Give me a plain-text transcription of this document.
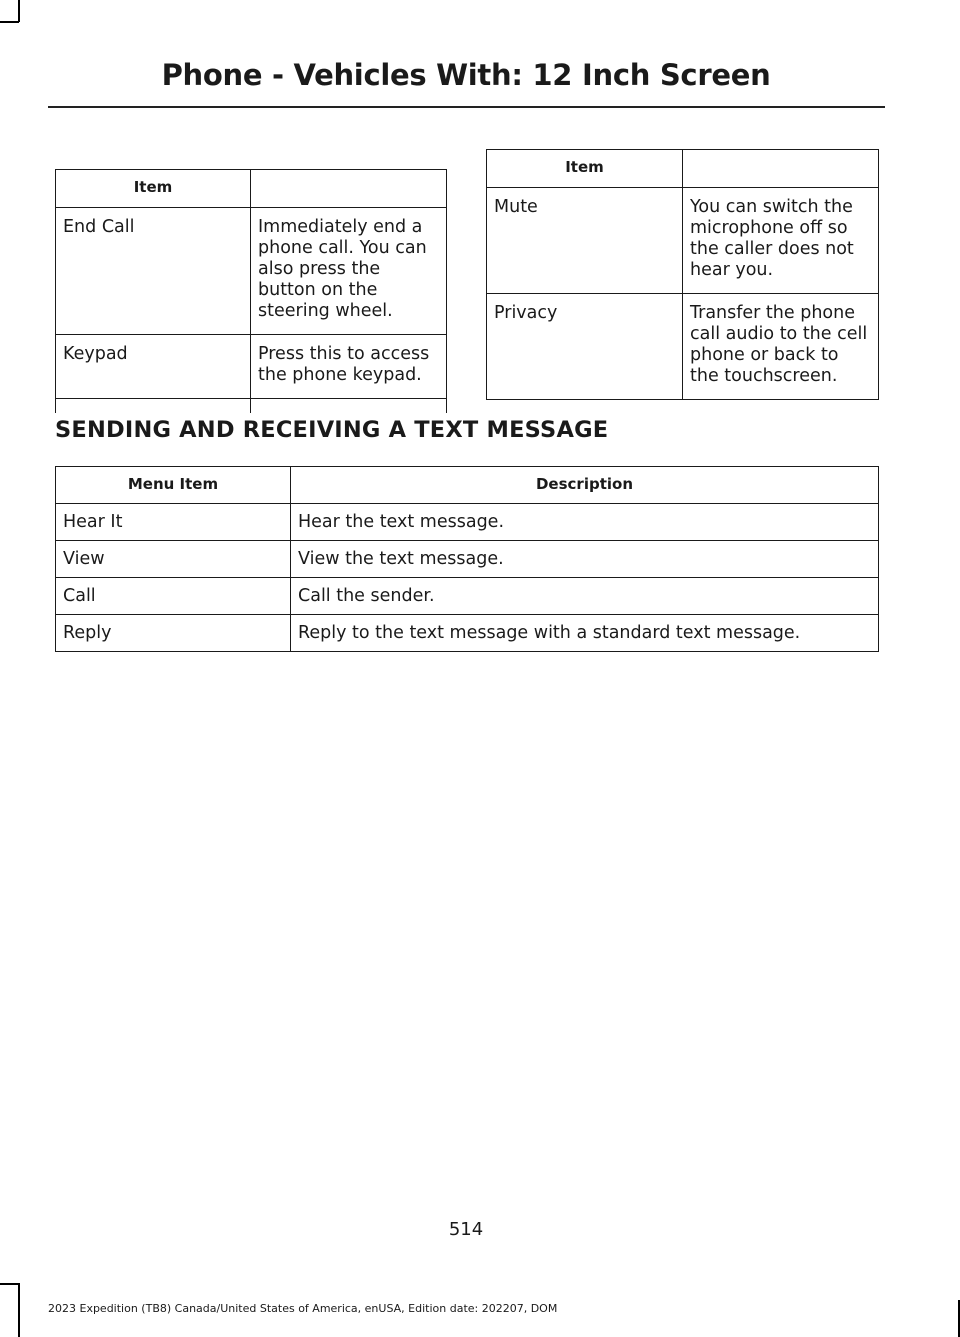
Phone - Vehicles With: 12 Inch Screen
Item	
End Call	Immediately end a phone call. You can also press the button on the steering wheel.
Keypad	Press this to access the phone keypad.

Item	
Mute	You can switch the microphone off so the caller does not hear you.
Privacy	Transfer the phone call audio to the cell phone or back to the touchscreen.
SENDING AND RECEIVING A TEXT MESSAGE
Menu Item	Description
Hear It	Hear the text message.
View	View the text message.
Call	Call the sender.
Reply	Reply to the text message with a standard text message.
514
2023 Expedition (TB8) Canada/United States of America, enUSA, Edition date: 202207, DOM
